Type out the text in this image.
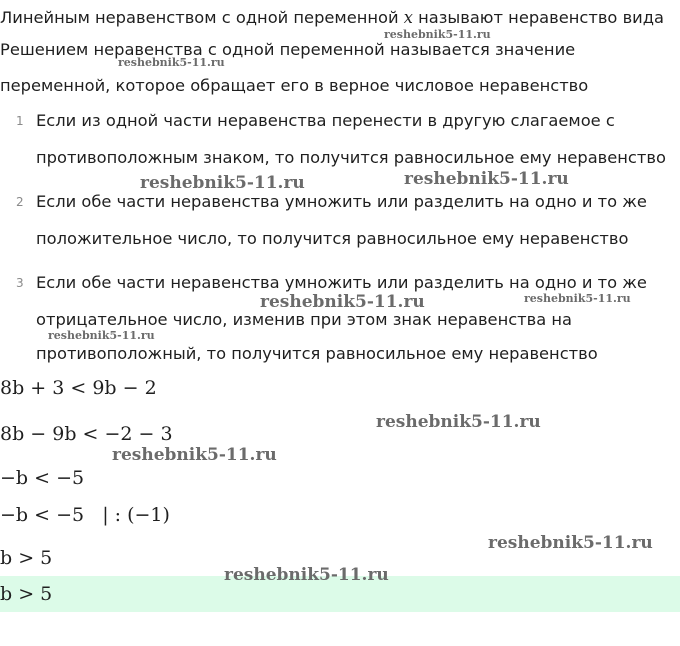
Линейным неравенством с одной переменной x называют неравенство вида
Решением неравенства с одной переменной называется значение
переменной, которое обращает его в верное числовое неравенство
1 Если из одной части неравенства перенести в другую слагаемое с
противоположным знаком, то получится равносильное ему неравенство
2 Если обе части неравенства умножить или разделить на одно и то же
положительное число, то получится равносильное ему неравенство
3 Если обе части неравенства умножить или разделить на одно и то же
отрицательное число, изменив при этом знак неравенства на
противоположный, то получится равносильное ему неравенство
8b + 3 < 9b − 2
8b − 9b < −2 − 3
−b < −5
−b < −5   | : (−1)
b > 5
b > 5
reshebnik5-11.ru
reshebnik5-11.ru
reshebnik5-11.ru	reshebnik5-11.ru
reshebnik5-11.ru	reshebnik5-11.ru
reshebnik5-11.ru
reshebnik5-11.ru
reshebnik5-11.ru
reshebnik5-11.ru
reshebnik5-11.ru
